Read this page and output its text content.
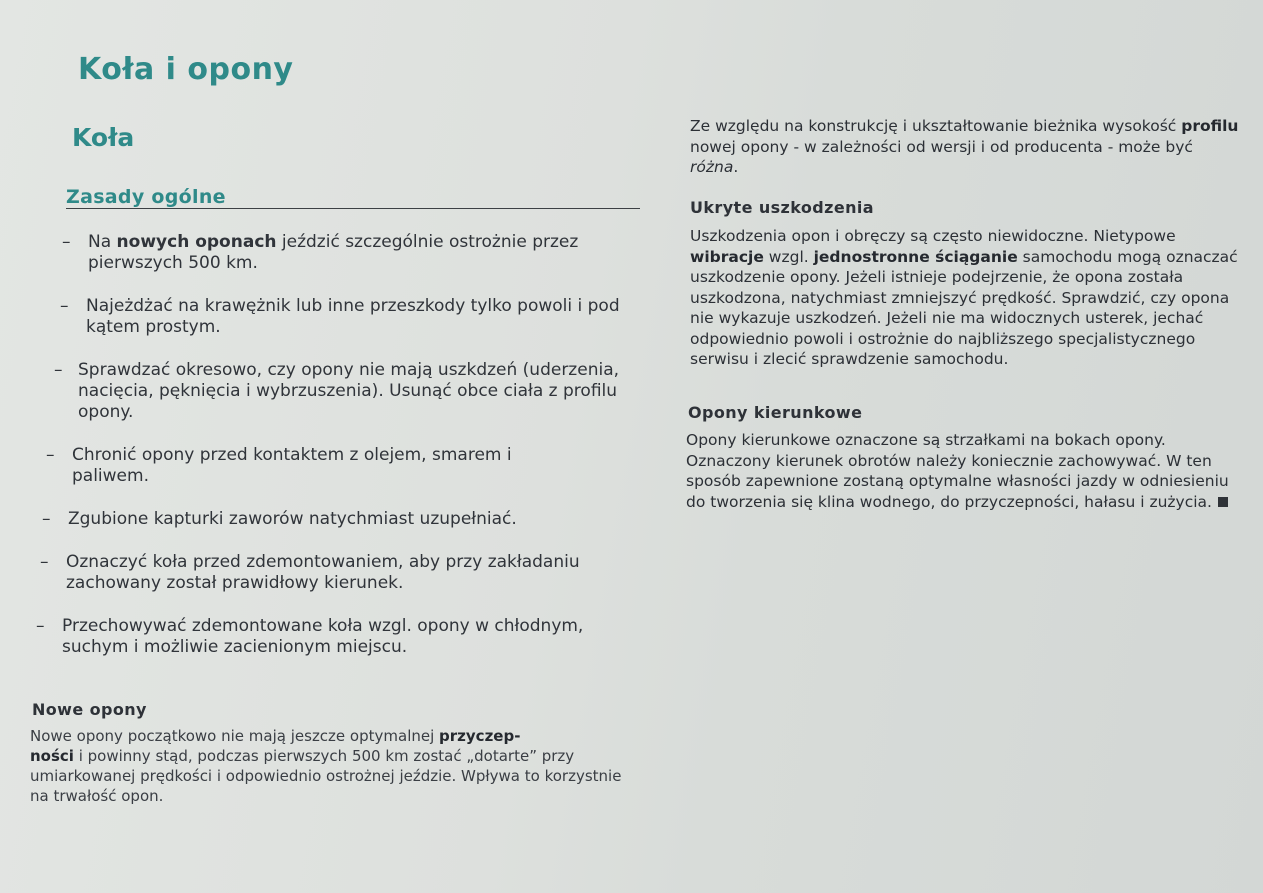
Koła i opony
Koła
Zasady ogólne
– Na nowych oponach jeździć szczególnie ostrożnie przez pierwszych 500 km.
– Najeżdżać na krawężnik lub inne przeszkody tylko powoli i pod kątem prostym.
– Sprawdzać okresowo, czy opony nie mają uszkdzeń (uderzenia, nacięcia, pęknięcia i wybrzuszenia). Usunąć obce ciała z profilu opony.
– Chronić opony przed kontaktem z olejem, smarem i paliwem.
– Zgubione kapturki zaworów natychmiast uzupełniać.
– Oznaczyć koła przed zdemontowaniem, aby przy zakładaniu zachowany został prawidłowy kierunek.
– Przechowywać zdemontowane koła wzgl. opony w chłodnym, suchym i możliwie zacienionym miejscu.
Nowe opony

Nowe opony początkowo nie mają jeszcze optymalnej przyczep-
ności i powinny stąd, podczas pierwszych 500 km zostać „dotarte” przy umiarkowanej prędkości i odpowiednio ostrożnej jeździe. Wpływa to korzystnie na trwałość opon.

Ze względu na konstrukcję i ukształtowanie bieżnika wysokość profilu nowej opony - w zależności od wersji i od producenta - może być różna.

Ukryte uszkodzenia

Uszkodzenia opon i obręczy są często niewidoczne. Nietypowe wibracje wzgl. jednostronne ściąganie samochodu mogą oznaczać uszkodzenie opony. Jeżeli istnieje podejrzenie, że opona została uszkodzona, natychmiast zmniejszyć prędkość. Sprawdzić, czy opona nie wykazuje uszkodzeń. Jeżeli nie ma widocznych usterek, jechać odpowiednio powoli i ostrożnie do najbliższego specjalistycznego serwisu i zlecić sprawdzenie samochodu.

Opony kierunkowe

Opony kierunkowe oznaczone są strzałkami na bokach opony. Oznaczony kierunek obrotów należy koniecznie zachowywać. W ten sposób zapewnione zostaną optymalne własności jazdy w odniesieniu do tworzenia się klina wodnego, do przyczepności, hałasu i zużycia.
